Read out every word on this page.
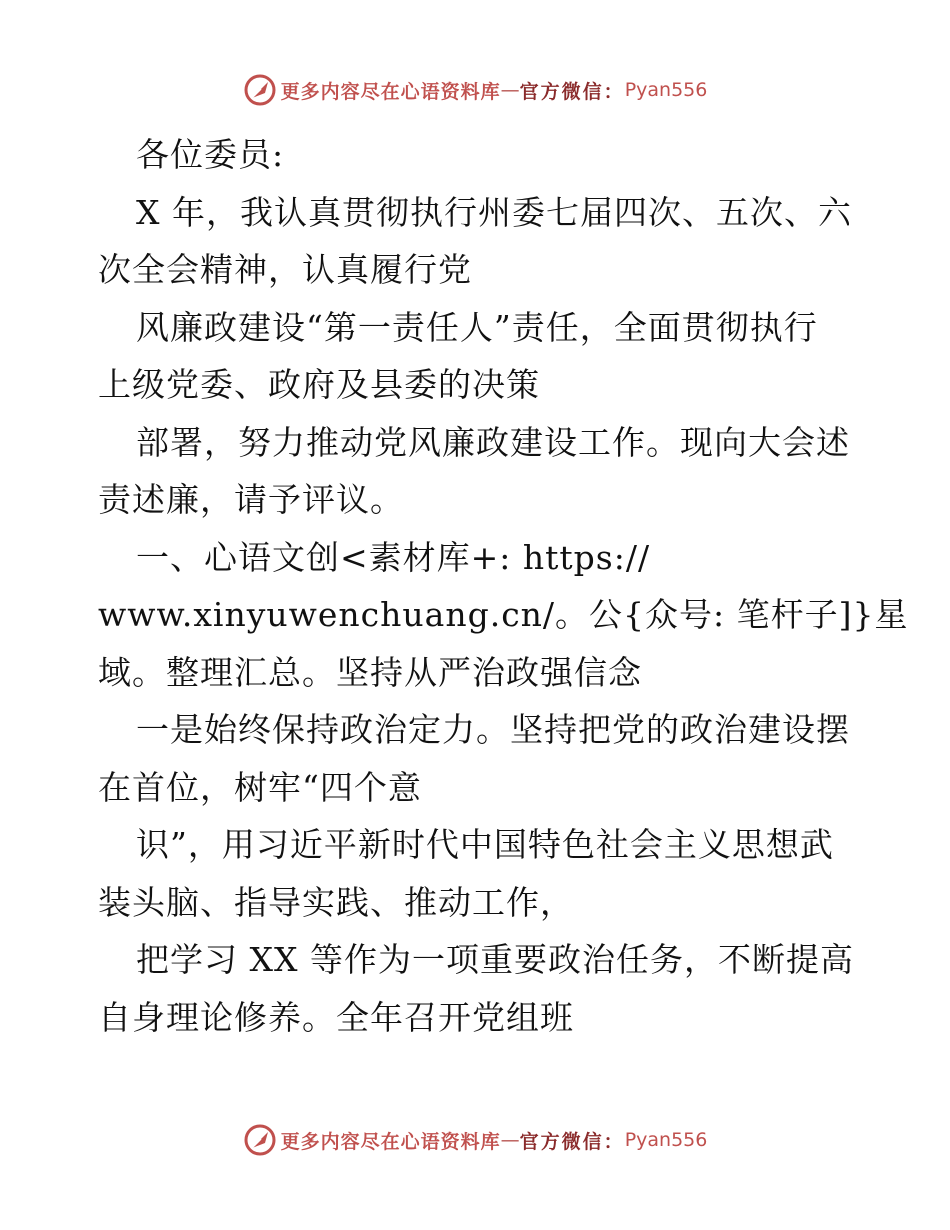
更多内容尽在心语资料库 — 官方微信： Pyan556
各位委员:
X 年，我认真贯彻执行州委七届四次、五次、六
次全会精神，认真履行党
风廉政建设“第一责任人”责任，全面贯彻执行
上级党委、政府及县委的决策
部署，努力推动党风廉政建设工作。现向大会述
责述廉，请予评议。
一、心语文创<素材库+: https://
www.xinyuwenchuang.cn/。公{众号: 笔杆子]}星
域。整理汇总。坚持从严治政强信念
一是始终保持政治定力。坚持把党的政治建设摆
在首位，树牢“四个意
识”，用习近平新时代中国特色社会主义思想武
装头脑、指导实践、推动工作，
把学习 XX 等作为一项重要政治任务，不断提高
自身理论修养。全年召开党组班
更多内容尽在心语资料库 — 官方微信： Pyan556
